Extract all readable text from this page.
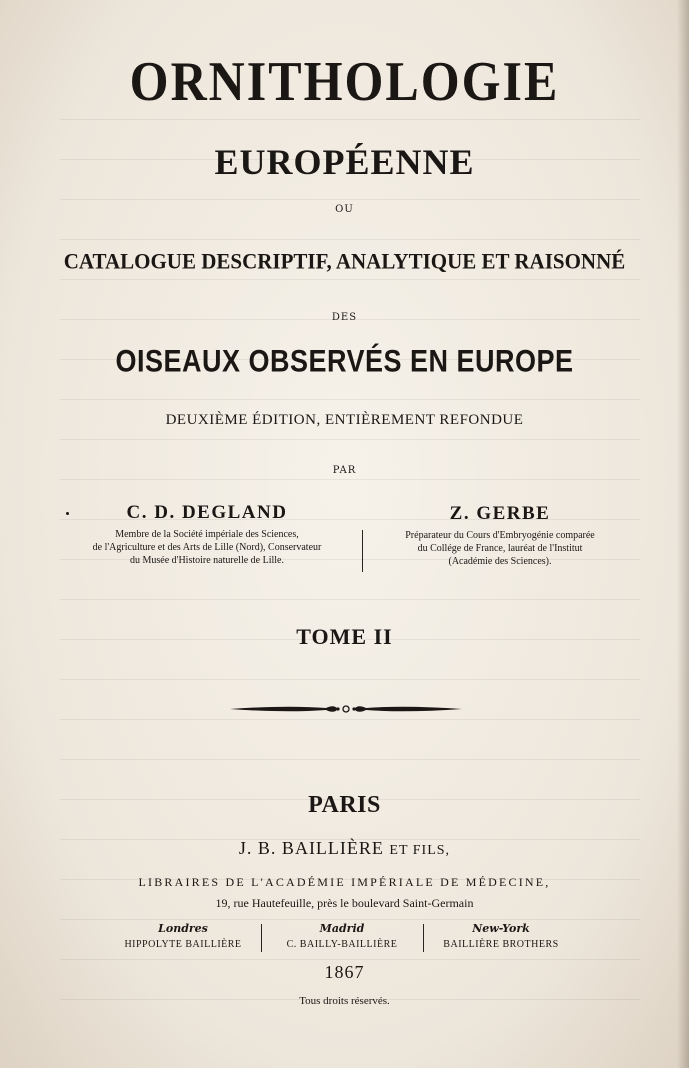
ORNITHOLOGIE
EUROPÉENNE
OU
CATALOGUE DESCRIPTIF, ANALYTIQUE ET RAISONNÉ
DES
OISEAUX OBSERVÉS EN EUROPE
DEUXIÈME ÉDITION, ENTIÈREMENT REFONDUE
PAR
C. D. DEGLAND
Membre de la Société impériale des Sciences,
de l'Agriculture et des Arts de Lille (Nord), Conservateur
du Musée d'Histoire naturelle de Lille.
Z. GERBE
Préparateur du Cours d'Embryogénie comparée
du Collége de France, lauréat de l'Institut
(Académie des Sciences).
TOME II
PARIS
J. B. BAILLIÈRE ET FILS,
LIBRAIRES DE L'ACADÉMIE IMPÉRIALE DE MÉDECINE,
19, rue Hautefeuille, près le boulevard Saint-Germain
Londres
HIPPOLYTE BAILLIÈRE
Madrid
C. BAILLY-BAILLIÈRE
New-York
BAILLIÈRE BROTHERS
1867
Tous droits réservés.
